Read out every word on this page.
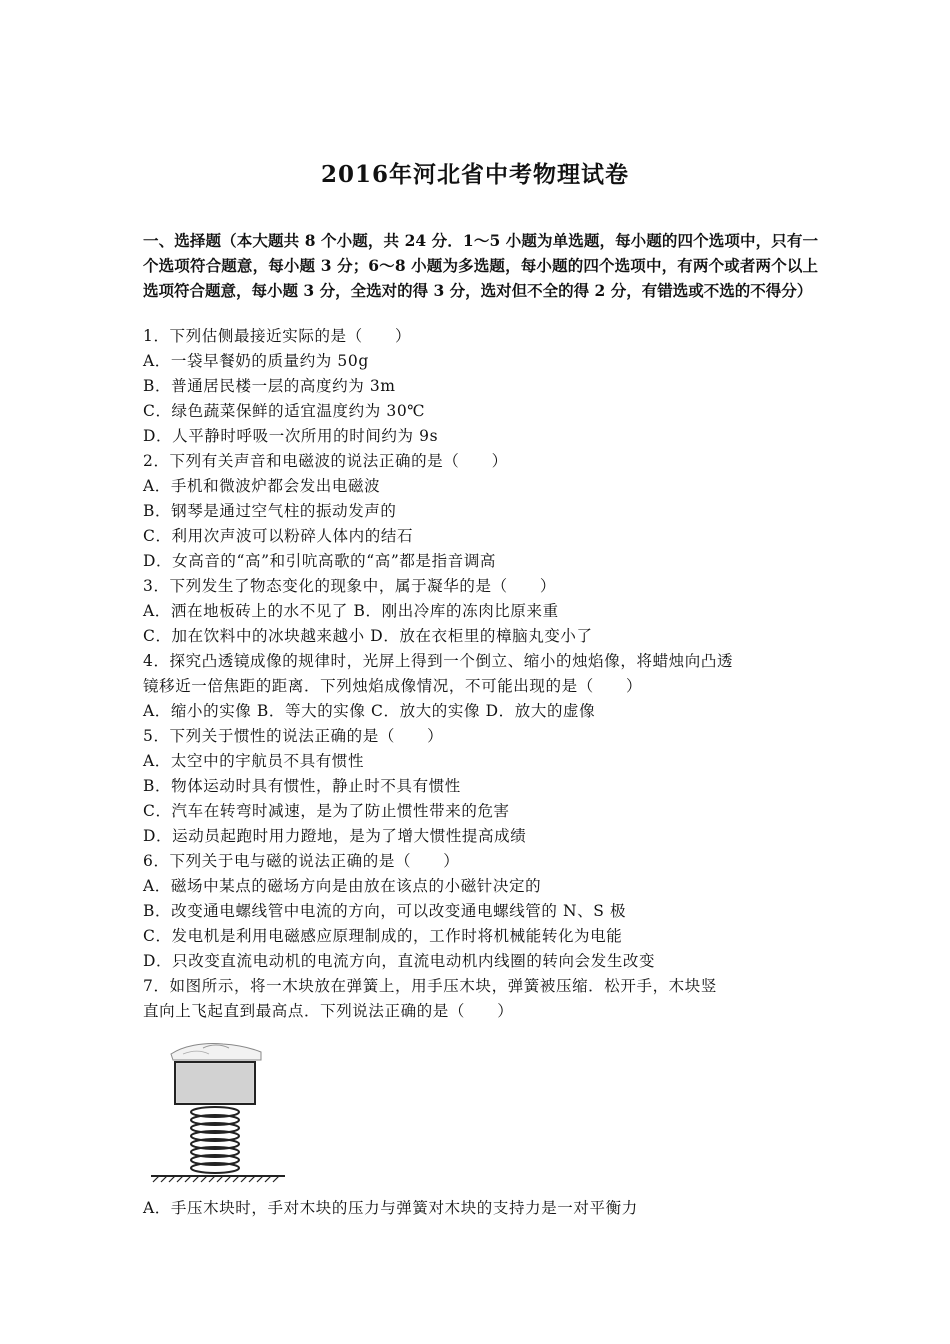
2016年河北省中考物理试卷
一、选择题（本大题共 8 个小题，共 24 分．1～5 小题为单选题，每小题的四个选项中，只有一个选项符合题意，每小题 3 分；6～8 小题为多选题，每小题的四个选项中，有两个或者两个以上选项符合题意，每小题 3 分，全选对的得 3 分，选对但不全的得 2 分，有错选或不选的不得分）
1．下列估侧最接近实际的是（　　）
A．一袋早餐奶的质量约为 50g
B．普通居民楼一层的高度约为 3m
C．绿色蔬菜保鲜的适宜温度约为 30℃
D．人平静时呼吸一次所用的时间约为 9s
2．下列有关声音和电磁波的说法正确的是（　　）
A．手机和微波炉都会发出电磁波
B．钢琴是通过空气柱的振动发声的
C．利用次声波可以粉碎人体内的结石
D．女高音的“高”和引吭高歌的“高”都是指音调高
3．下列发生了物态变化的现象中，属于凝华的是（　　）
A．洒在地板砖上的水不见了 B．刚出冷库的冻肉比原来重
C．加在饮料中的冰块越来越小 D．放在衣柜里的樟脑丸变小了
4．探究凸透镜成像的规律时，光屏上得到一个倒立、缩小的烛焰像，将蜡烛向凸透
镜移近一倍焦距的距离．下列烛焰成像情况，不可能出现的是（　　）
A．缩小的实像 B．等大的实像 C．放大的实像 D．放大的虚像
5．下列关于惯性的说法正确的是（　　）
A．太空中的宇航员不具有惯性
B．物体运动时具有惯性，静止时不具有惯性
C．汽车在转弯时减速，是为了防止惯性带来的危害
D．运动员起跑时用力蹬地，是为了增大惯性提高成绩
6．下列关于电与磁的说法正确的是（　　）
A．磁场中某点的磁场方向是由放在该点的小磁针决定的
B．改变通电螺线管中电流的方向，可以改变通电螺线管的 N、S 极
C．发电机是利用电磁感应原理制成的，工作时将机械能转化为电能
D．只改变直流电动机的电流方向，直流电动机内线圈的转向会发生改变
7．如图所示，将一木块放在弹簧上，用手压木块，弹簧被压缩．松开手，木块竖
直向上飞起直到最高点．下列说法正确的是（　　）
A．手压木块时，手对木块的压力与弹簧对木块的支持力是一对平衡力
